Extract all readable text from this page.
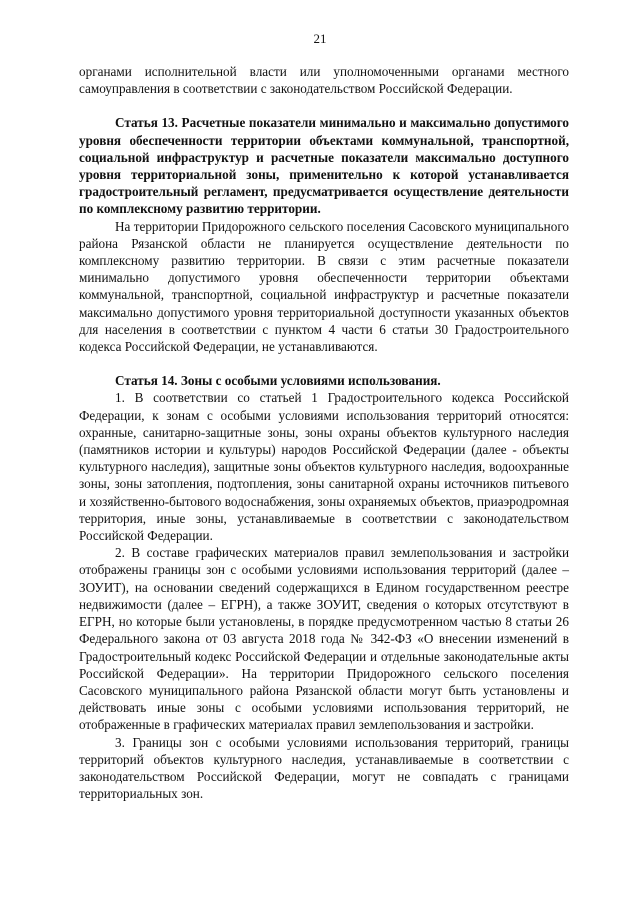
21

органами исполнительной власти или уполномоченными органами местного самоуправления в соответствии с законодательством Российской Федерации.

Статья 13. Расчетные показатели минимально и максимально допустимого уровня обеспеченности территории объектами коммунальной, транспортной, социальной инфраструктур и расчетные показатели максимально доступного уровня территориальной зоны, применительно к которой устанавливается градостроительный регламент, предусматривается осуществление деятельности по комплексному развитию территории.

На территории Придорожного сельского поселения Сасовского муниципального района Рязанской области не планируется осуществление деятельности по комплексному развитию территории. В связи с этим расчетные показатели минимально допустимого уровня обеспеченности территории объектами коммунальной, транспортной, социальной инфраструктур и расчетные показатели максимально допустимого уровня территориальной доступности указанных объектов для населения в соответствии с пунктом 4 части 6 статьи 30 Градостроительного кодекса Российской Федерации, не устанавливаются.

Статья 14. Зоны с особыми условиями использования.

1. В соответствии со статьей 1 Градостроительного кодекса Российской Федерации, к зонам с особыми условиями использования территорий относятся: охранные, санитарно-защитные зоны, зоны охраны объектов культурного наследия (памятников истории и культуры) народов Российской Федерации (далее - объекты культурного наследия), защитные зоны объектов культурного наследия, водоохранные зоны, зоны затопления, подтопления, зоны санитарной охраны источников питьевого и хозяйственно-бытового водоснабжения, зоны охраняемых объектов, приаэродромная территория, иные зоны, устанавливаемые в соответствии с законодательством Российской Федерации.

2. В составе графических материалов правил землепользования и застройки отображены границы зон с особыми условиями использования территорий (далее – ЗОУИТ), на основании сведений содержащихся в Едином государственном реестре недвижимости (далее – ЕГРН), а также ЗОУИТ, сведения о которых отсутствуют в ЕГРН, но которые были установлены, в порядке предусмотренном частью 8 статьи 26 Федерального закона от 03 августа 2018 года № 342-ФЗ «О внесении изменений в Градостроительный кодекс Российской Федерации и отдельные законодательные акты Российской Федерации». На территории Придорожного сельского поселения Сасовского муниципального района Рязанской области могут быть установлены и действовать иные зоны с особыми условиями использования территорий, не отображенные в графических материалах правил землепользования и застройки.

3. Границы зон с особыми условиями использования территорий, границы территорий объектов культурного наследия, устанавливаемые в соответствии с законодательством Российской Федерации, могут не совпадать с границами территориальных зон.
